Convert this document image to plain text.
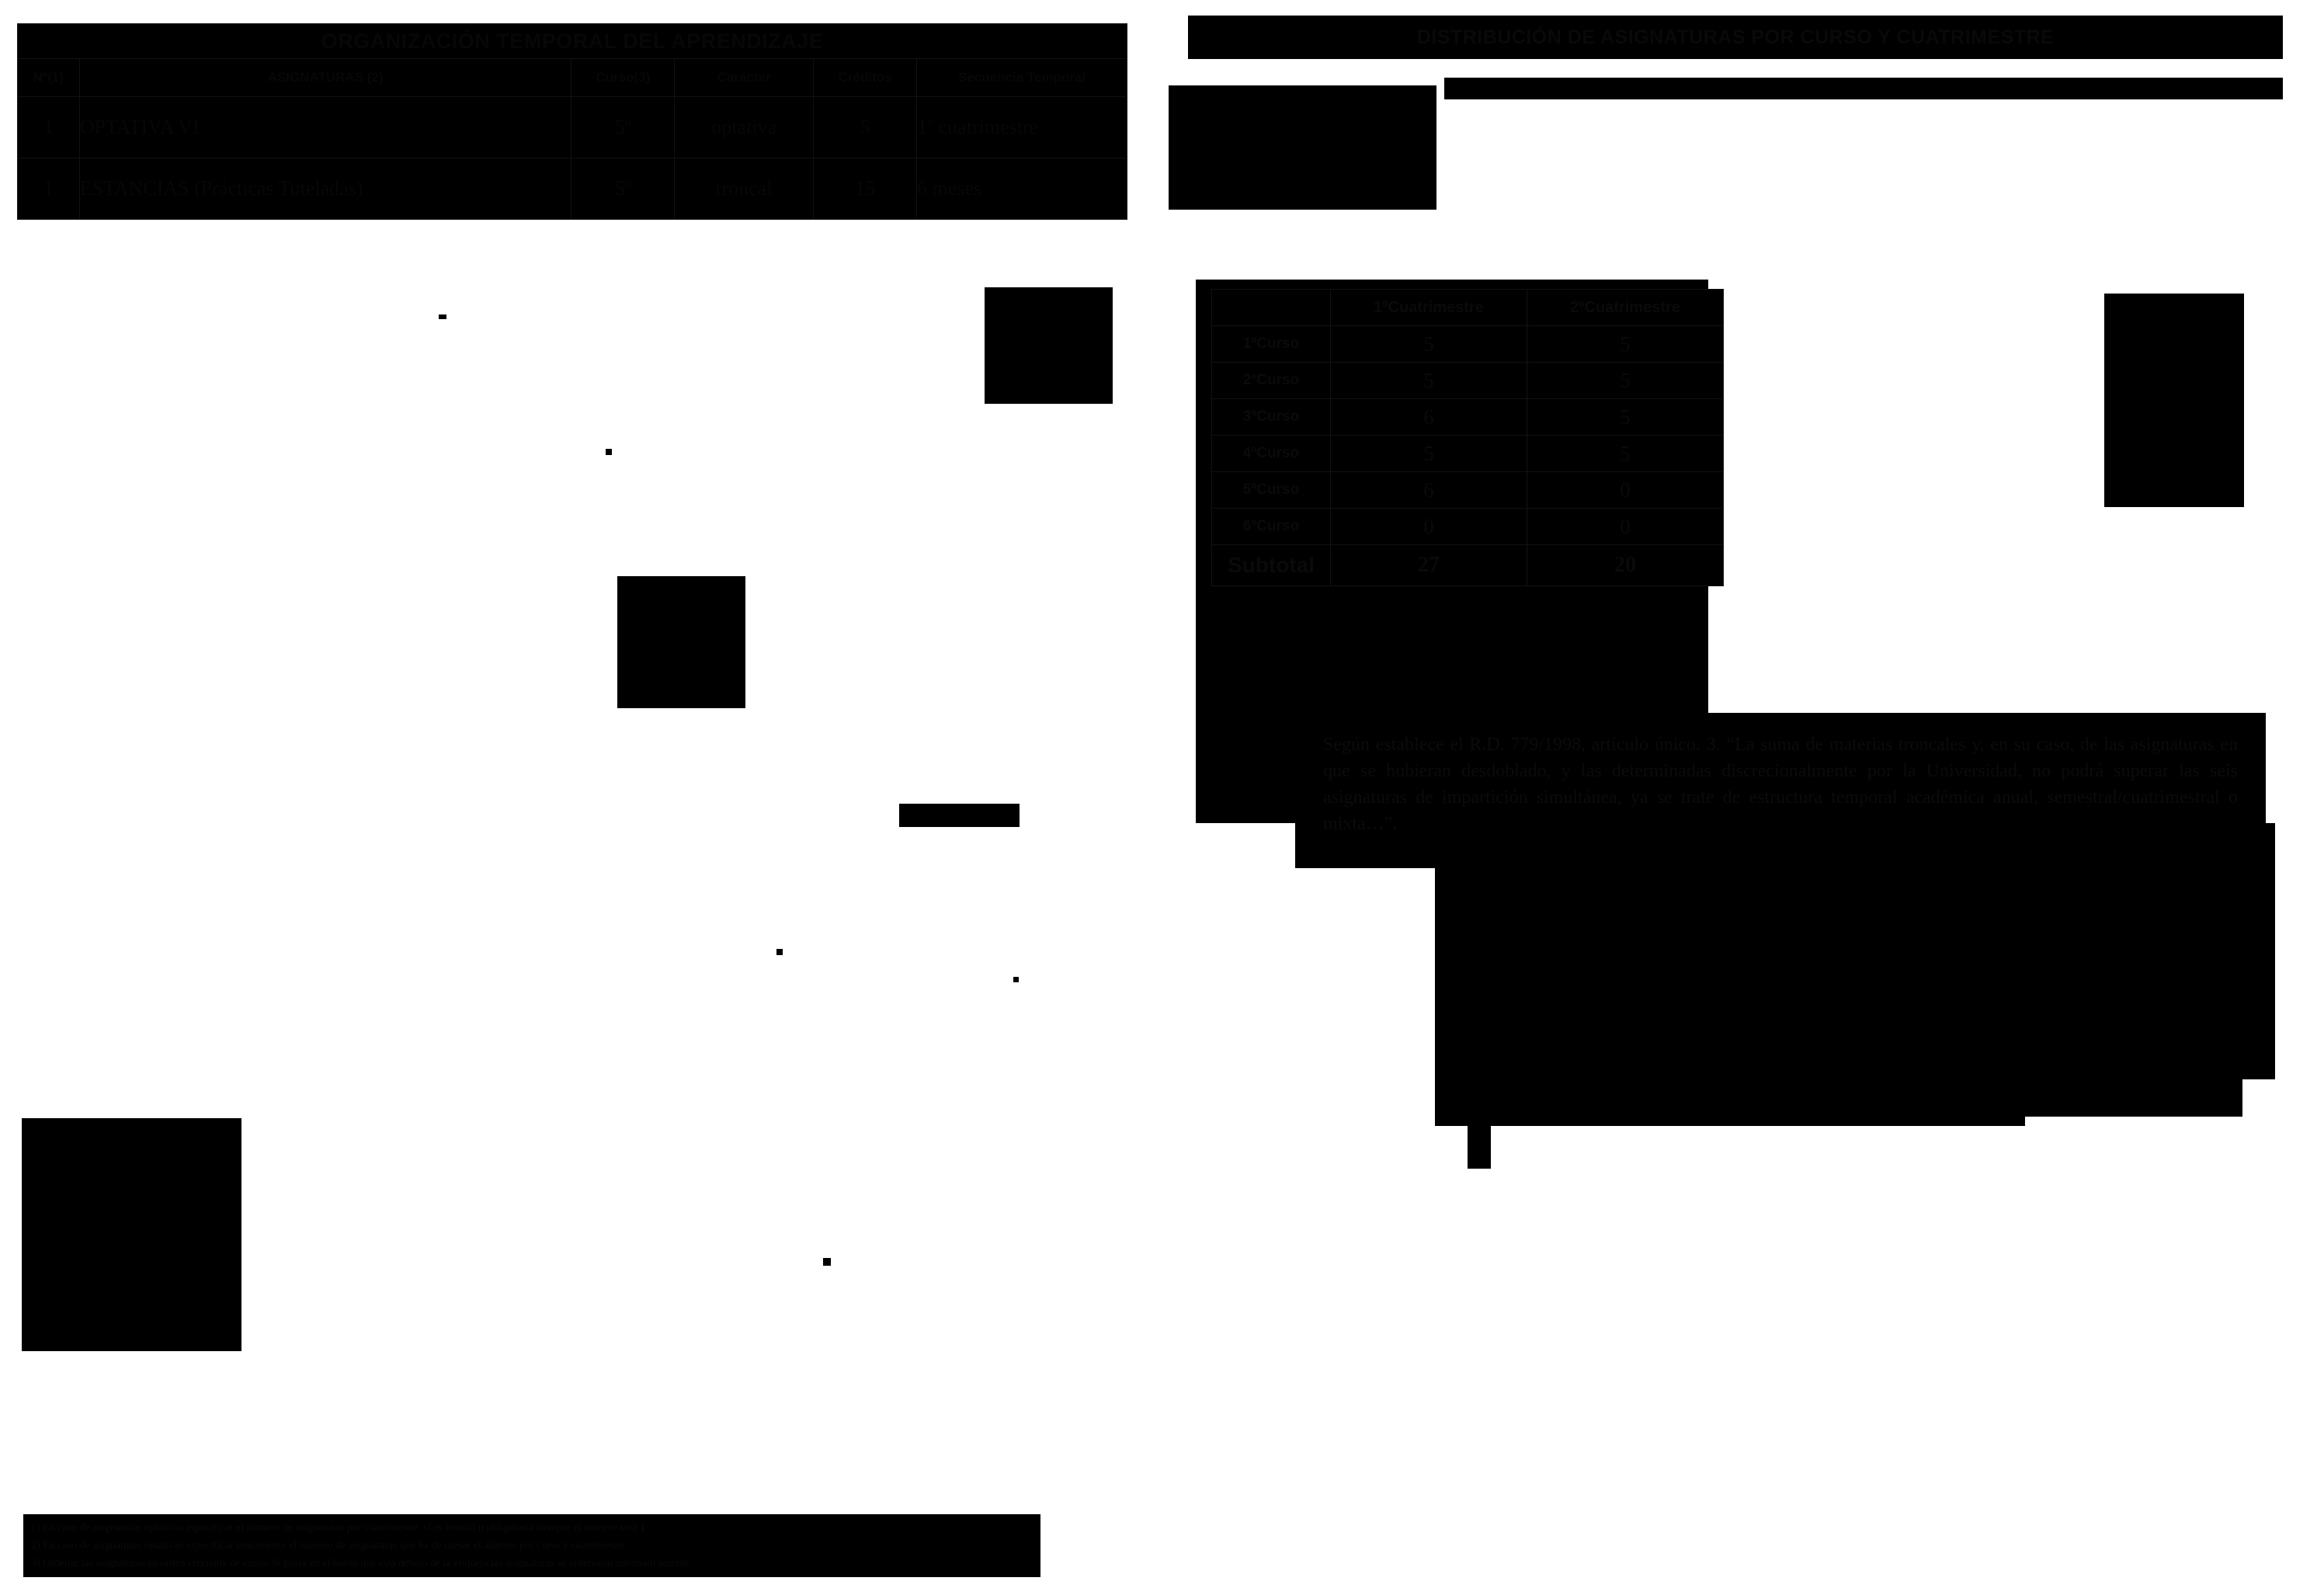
ORGANIZACIÓN TEMPORAL DEL APRENDIZAJE					
Nº(1)	ASIGNATURAS (2)	Curso(3)	Carácter	Créditos	Secuencia Temporal
1	OPTATIVA VI	5º	optativa	5	1º cuatrimestre
1	ESTANCIAS (Prácticas Tuteladas)	5º	troncal	15	6 meses
DISTRIBUCIÓN DE ASIGNATURAS POR CURSO Y CUATRIMESTRE
	1ºCuatrimestre	2ºCuatrimestre
1ºCurso	5	5
2ºCurso	5	5
3ºCurso	6	5
4ºCurso	5	5
5ºCurso	6	0
6ºCurso	0	0
Subtotal	27	20

Según establece el R.D. 779/1998, artículo único. 3. “La suma de materias troncales y, en su caso, de las asignaturas en que se hubieran desdoblado, y las determinadas discrecionalmente por la Universidad, no podrá superar las seis asignaturas de impartición simultánea, ya se trate de estructura temporal académica anual, semestral/cuatrimestral o mixta…”.

1) En caso de asignaturas optativas especificar el número de asignaturas por cuatrimestre, si es troncal u obligatoria siempre el número será 1
2) En caso de asignaturas optativas especificar únicamente el número de asignaturas que ha de cursar el alumno por curso y cuatrimestre.
3) Ordenar las asignaturas en orden creciente de curso. Si pulsa en el botón que está debajo de la etiqueta las asignaturas se ordenarán automáticamente.
